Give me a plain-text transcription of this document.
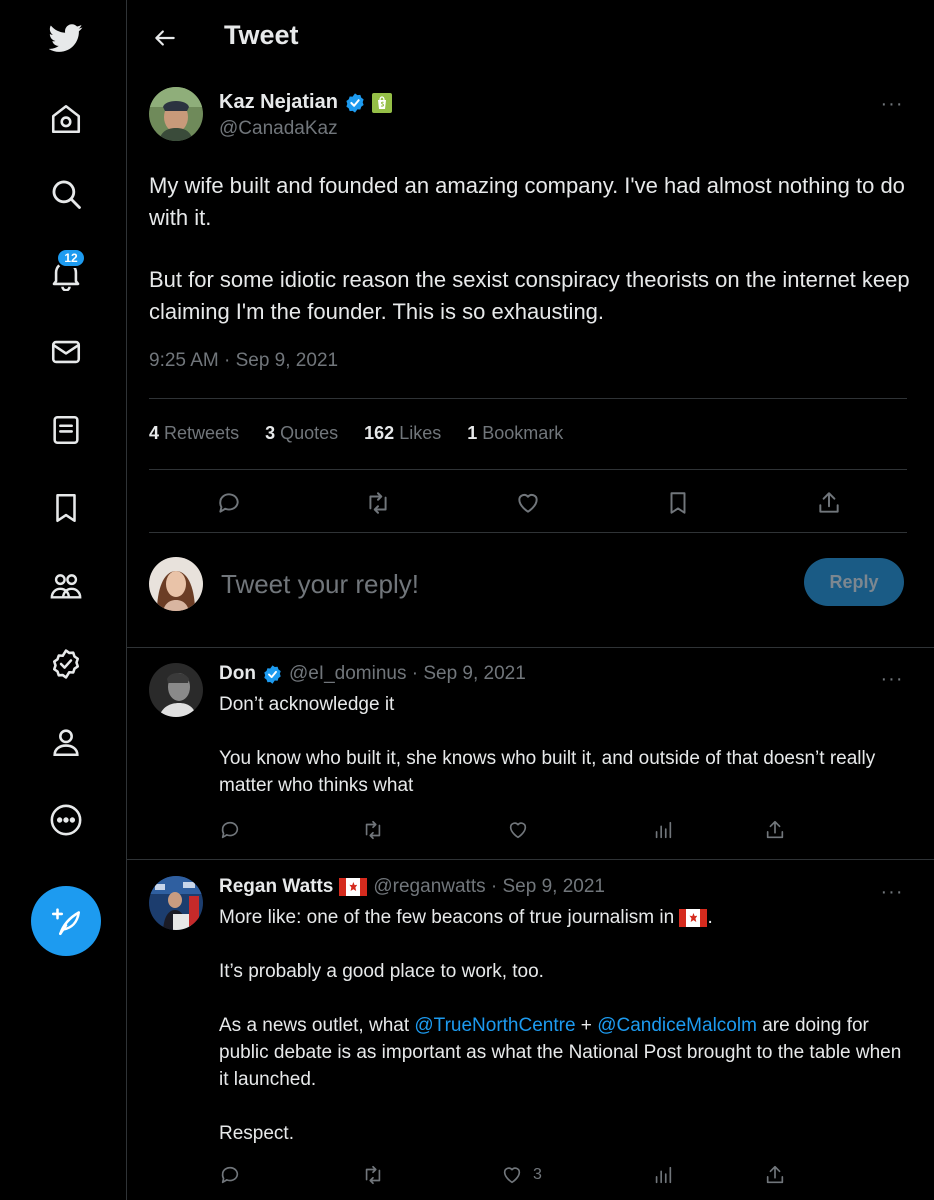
12
Tweet
Kaz Nejatian
@CanadaKaz
···

My wife built and founded an amazing company. I've had almost nothing to do with it.

But for some idiotic reason the sexist conspiracy theorists on the internet keep claiming I'm the founder. This is so exhausting.

9:25 AM · Sep 9, 2021
4 Retweets 3 Quotes 162 Likes 1 Bookmark
Tweet your reply!
Reply
Don @eI_dominus · Sep 9, 2021

Don’t acknowledge it

You know who built it, she knows who built it, and outside of that doesn’t really matter who thinks what

···
Regan Watts @reganwatts · Sep 9, 2021

More like: one of the few beacons of true journalism in .

It’s probably a good place to work, too.

As a news outlet, what @TrueNorthCentre + @CandiceMalcolm are doing for public debate is as important as what the National Post brought to the table when it launched.

Respect.

3
···
